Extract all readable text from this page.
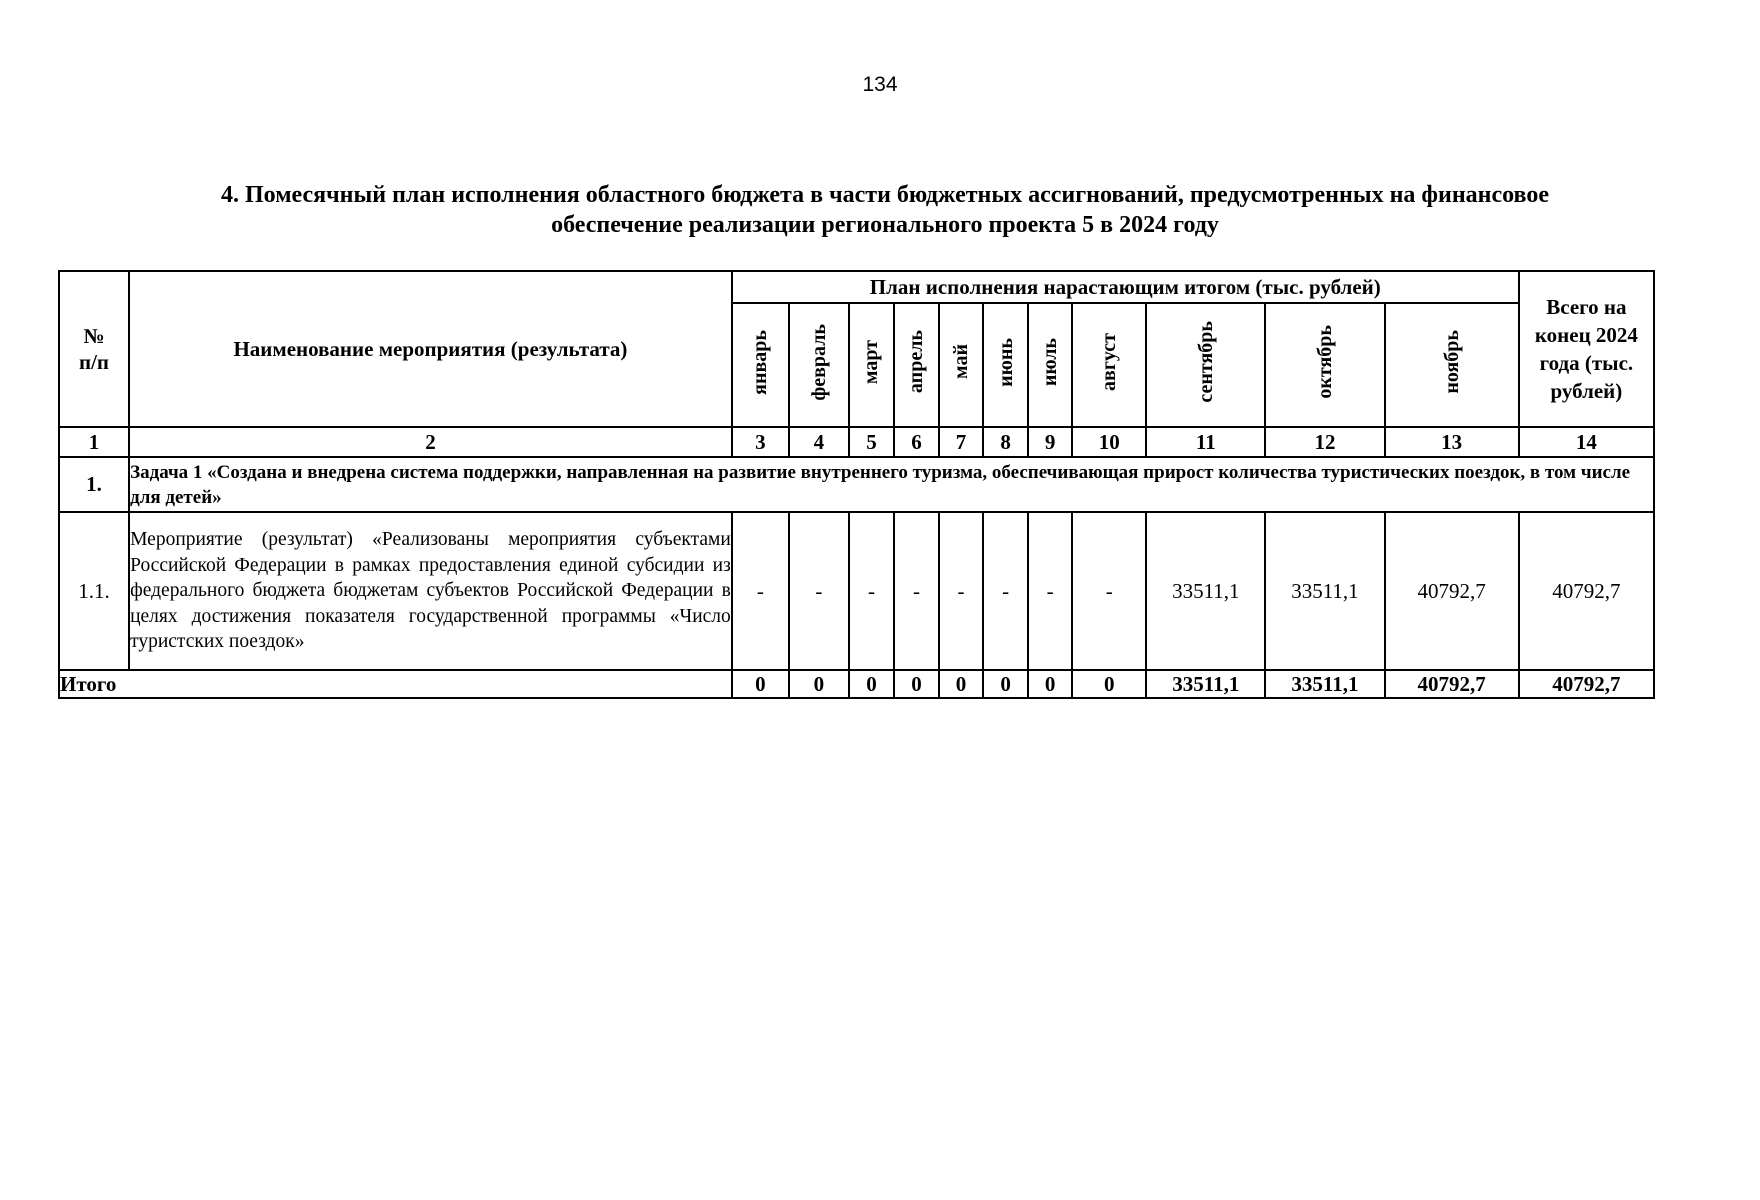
134
4. Помесячный план исполнения областного бюджета в части бюджетных ассигнований, предусмотренных на финансовое
обеспечение реализации регионального проекта 5 в 2024 году
№ п/п	Наименование мероприятия (результата)	План исполнения нарастающим итогом (тыс. рублей)											Всего на конец 2024 года (тыс. рублей)
		январь	февраль	март	апрель	май	июнь	июль	август	сентябрь	октябрь	ноябрь	
1	2	3	4	5	6	7	8	9	10	11	12	13	14
1.	Задача 1 «Создана и внедрена система поддержки, направленная на развитие внутреннего туризма, обеспечивающая прирост количества туристических поездок, в том числе для детей»												
1.1.	Мероприятие (результат) «Реализованы мероприятия субъектами Российской Федерации в рамках предоставления единой субсидии из федерального бюджета бюджетам субъектов Российской Федерации в целях достижения показателя государственной программы «Число туристских поездок»	-	-	-	-	-	-	-	-	33511,1	33511,1	40792,7	40792,7
Итого		0	0	0	0	0	0	0	0	33511,1	33511,1	40792,7	40792,7
